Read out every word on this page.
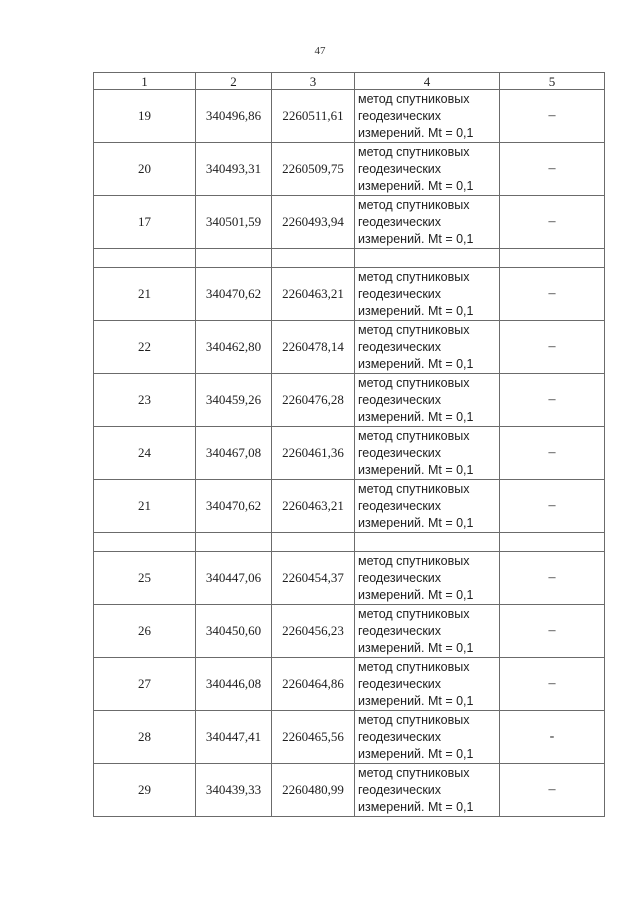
47
1	2	3	4	5
19	340496,86	2260511,61	метод спутниковых
геодезических
измерений. Mt = 0,1	–
20	340493,31	2260509,75	метод спутниковых
геодезических
измерений. Mt = 0,1	–
17	340501,59	2260493,94	метод спутниковых
геодезических
измерений. Mt = 0,1	–

21	340470,62	2260463,21	метод спутниковых
геодезических
измерений. Mt = 0,1	–
22	340462,80	2260478,14	метод спутниковых
геодезических
измерений. Mt = 0,1	–
23	340459,26	2260476,28	метод спутниковых
геодезических
измерений. Mt = 0,1	–
24	340467,08	2260461,36	метод спутниковых
геодезических
измерений. Mt = 0,1	–
21	340470,62	2260463,21	метод спутниковых
геодезических
измерений. Mt = 0,1	–

25	340447,06	2260454,37	метод спутниковых
геодезических
измерений. Mt = 0,1	–
26	340450,60	2260456,23	метод спутниковых
геодезических
измерений. Mt = 0,1	–
27	340446,08	2260464,86	метод спутниковых
геодезических
измерений. Mt = 0,1	–
28	340447,41	2260465,56	метод спутниковых
геодезических
измерений. Mt = 0,1	-
29	340439,33	2260480,99	метод спутниковых
геодезических
измерений. Mt = 0,1	–
